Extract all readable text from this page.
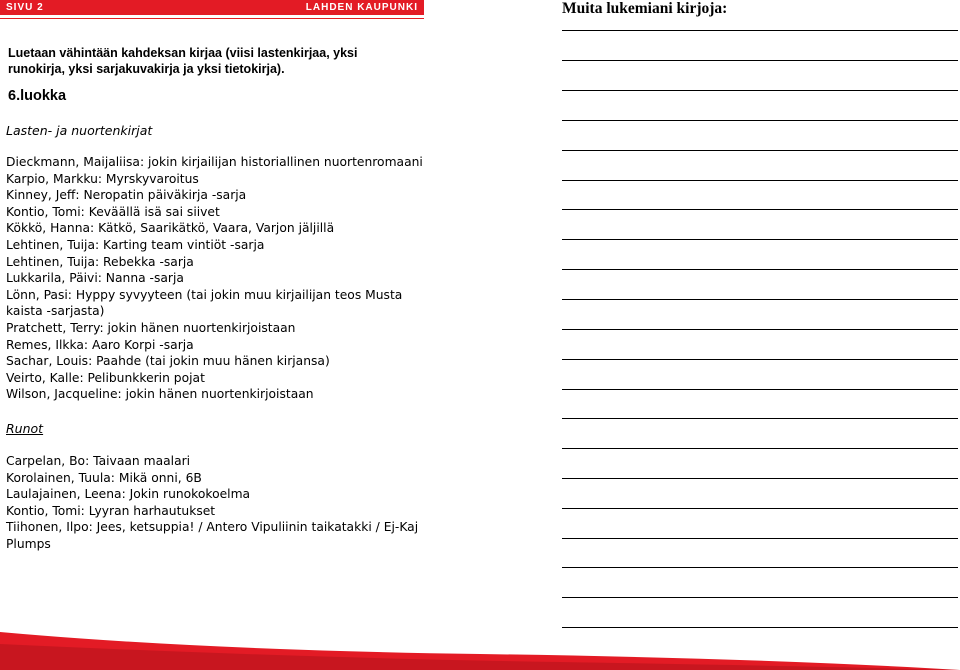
SIVU 2	LAHDEN KAUPUNKI
Luetaan vähintään kahdeksan kirjaa (viisi lastenkirjaa, yksi runokirja, yksi sarjakuvakirja ja yksi tietokirja).
6.luokka
Lasten- ja nuortenkirjat
Dieckmann, Maijaliisa: jokin kirjailijan historiallinen nuortenromaani
Karpio, Markku: Myrskyvaroitus
Kinney, Jeff: Neropatin päiväkirja -sarja
Kontio, Tomi: Keväällä isä sai siivet
Kökkö, Hanna: Kätkö, Saarikätkö, Vaara, Varjon jäljillä
Lehtinen, Tuija: Karting team vintiöt -sarja
Lehtinen, Tuija: Rebekka -sarja
Lukkarila, Päivi: Nanna -sarja
Lönn, Pasi: Hyppy syvyyteen (tai jokin muu kirjailijan teos Musta kaista -sarjasta)
Pratchett, Terry: jokin hänen nuortenkirjoistaan
Remes, Ilkka: Aaro Korpi -sarja
Sachar, Louis: Paahde (tai jokin muu hänen kirjansa)
Veirto, Kalle: Pelibunkkerin pojat
Wilson, Jacqueline: jokin hänen nuortenkirjoistaan
Runot
Carpelan, Bo: Taivaan maalari
Korolainen, Tuula: Mikä onni, 6B
Laulajainen, Leena: Jokin runokokoelma
Kontio, Tomi: Lyyran harhautukset
Tiihonen, Ilpo: Jees, ketsuppia! / Antero Vipuliinin taikatakki / Ej-Kaj Plumps
Muita lukemiani kirjoja:
